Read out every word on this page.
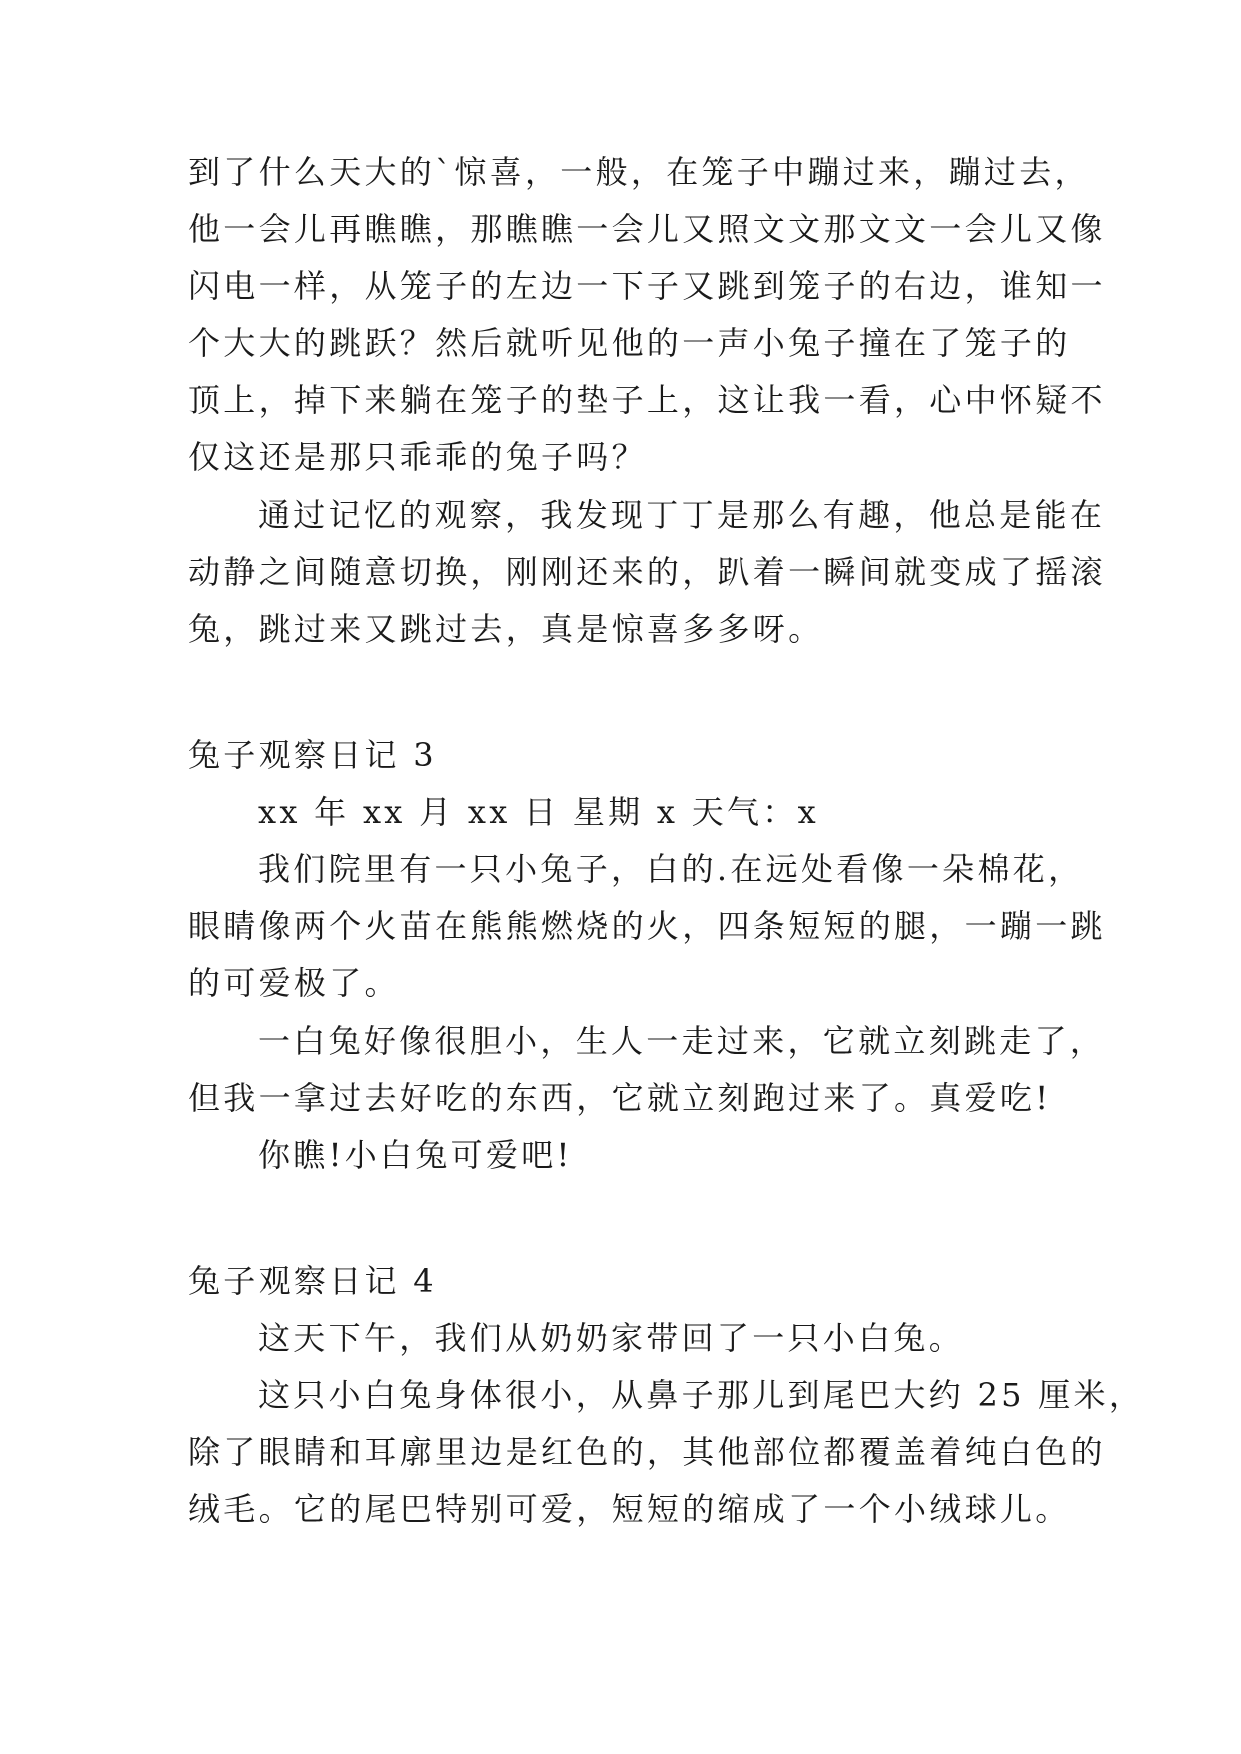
到了什么天大的`惊喜，一般，在笼子中蹦过来，蹦过去，
他一会儿再瞧瞧，那瞧瞧一会儿又照文文那文文一会儿又像
闪电一样，从笼子的左边一下子又跳到笼子的右边，谁知一
个大大的跳跃？然后就听见他的一声小兔子撞在了笼子的
顶上，掉下来躺在笼子的垫子上，这让我一看，心中怀疑不
仅这还是那只乖乖的兔子吗？
通过记忆的观察，我发现丁丁是那么有趣，他总是能在
动静之间随意切换，刚刚还来的，趴着一瞬间就变成了摇滚
兔，跳过来又跳过去，真是惊喜多多呀。
兔子观察日记 3
xx 年 xx 月 xx 日 星期 x 天气：x
我们院里有一只小兔子，白的.在远处看像一朵棉花，
眼睛像两个火苗在熊熊燃烧的火，四条短短的腿，一蹦一跳
的可爱极了。
一白兔好像很胆小，生人一走过来，它就立刻跳走了，
但我一拿过去好吃的东西，它就立刻跑过来了。真爱吃!
你瞧!小白兔可爱吧!
兔子观察日记 4
这天下午，我们从奶奶家带回了一只小白兔。
这只小白兔身体很小，从鼻子那儿到尾巴大约 25 厘米，
除了眼睛和耳廓里边是红色的，其他部位都覆盖着纯白色的
绒毛。它的尾巴特别可爱，短短的缩成了一个小绒球儿。
